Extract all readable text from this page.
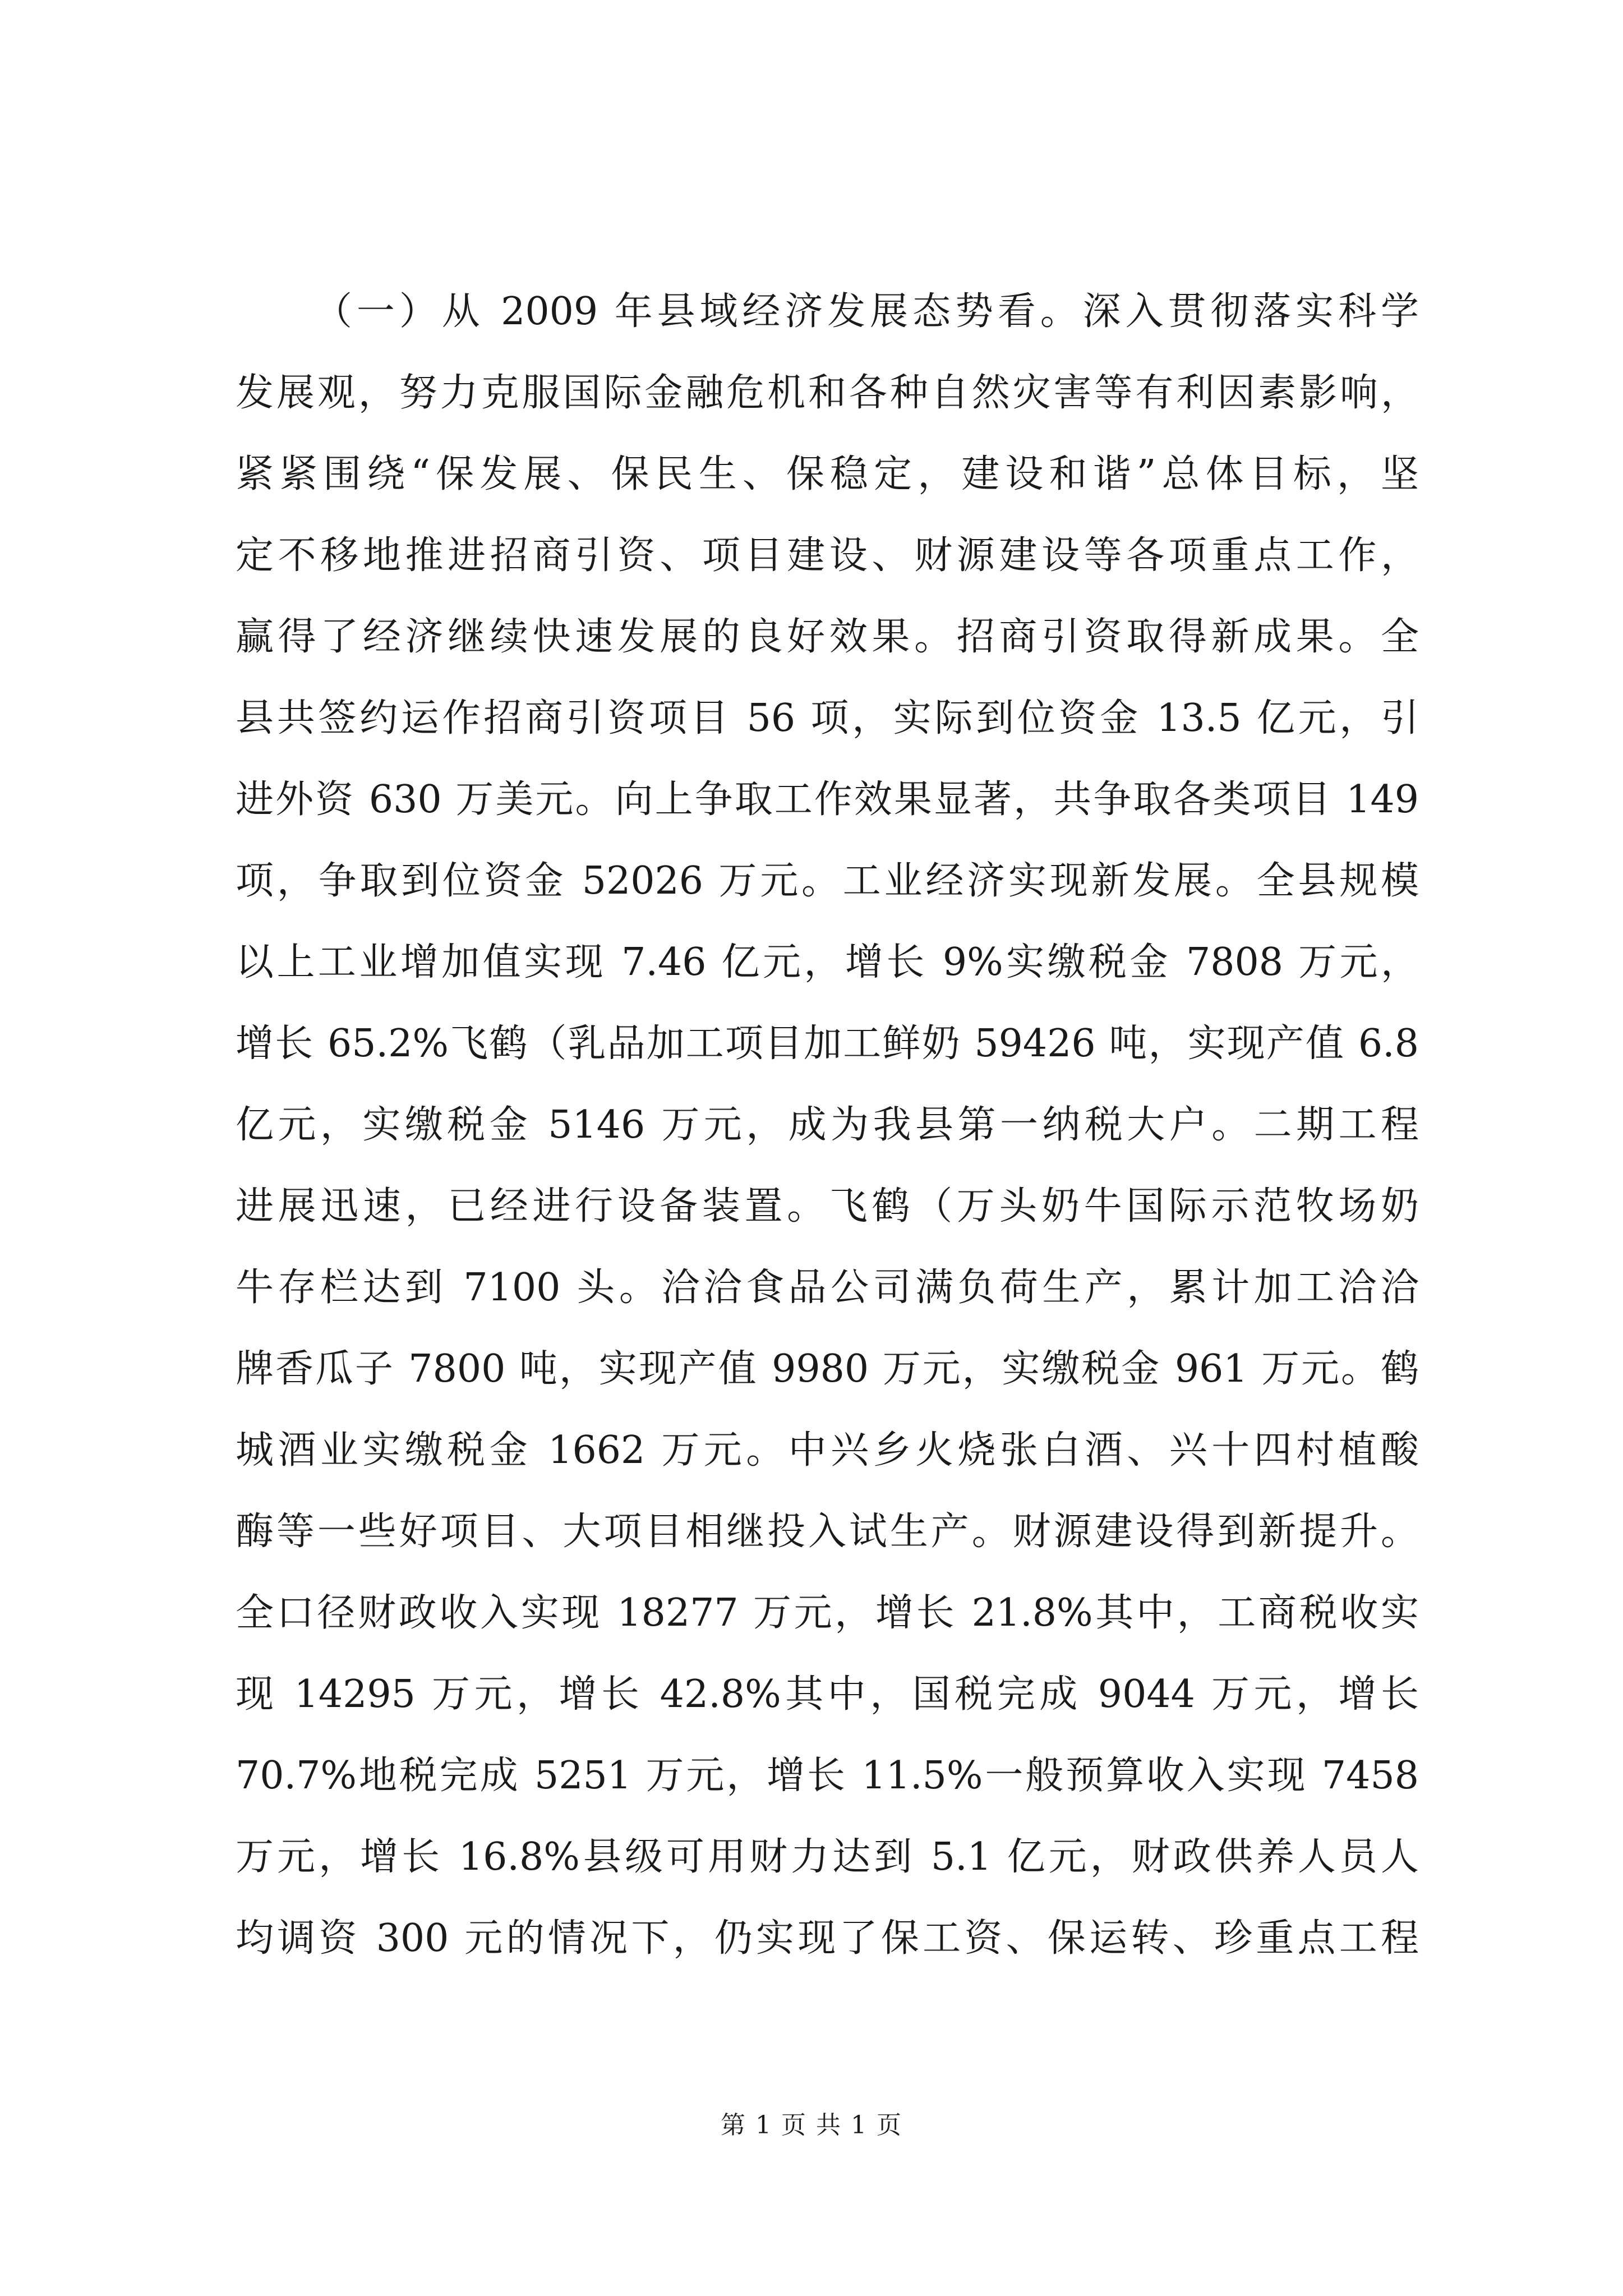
（一）从 2009 年县域经济发展态势看。深入贯彻落实科学
发展观，努力克服国际金融危机和各种自然灾害等有利因素影响，
紧紧围绕“保发展、保民生、保稳定，建设和谐”总体目标，坚
定不移地推进招商引资、项目建设、财源建设等各项重点工作，
赢得了经济继续快速发展的良好效果。招商引资取得新成果。全
县共签约运作招商引资项目 56 项，实际到位资金 13.5 亿元，引
进外资 630 万美元。向上争取工作效果显著，共争取各类项目 149
项，争取到位资金 52026 万元。工业经济实现新发展。全县规模
以上工业增加值实现 7.46 亿元，增长 9%实缴税金 7808 万元，
增长 65.2%飞鹤（乳品加工项目加工鲜奶 59426 吨，实现产值 6.8
亿元，实缴税金 5146 万元，成为我县第一纳税大户。二期工程
进展迅速，已经进行设备装置。飞鹤（万头奶牛国际示范牧场奶
牛存栏达到 7100 头。洽洽食品公司满负荷生产，累计加工洽洽
牌香瓜子 7800 吨，实现产值 9980 万元，实缴税金 961 万元。鹤
城酒业实缴税金 1662 万元。中兴乡火烧张白酒、兴十四村植酸
酶等一些好项目、大项目相继投入试生产。财源建设得到新提升。
全口径财政收入实现 18277 万元，增长 21.8%其中，工商税收实
现 14295 万元，增长 42.8%其中，国税完成 9044 万元，增长
70.7%地税完成 5251 万元，增长 11.5%一般预算收入实现 7458
万元，增长 16.8%县级可用财力达到 5.1 亿元，财政供养人员人
均调资 300 元的情况下，仍实现了保工资、保运转、珍重点工程
第 1 页 共 1 页
